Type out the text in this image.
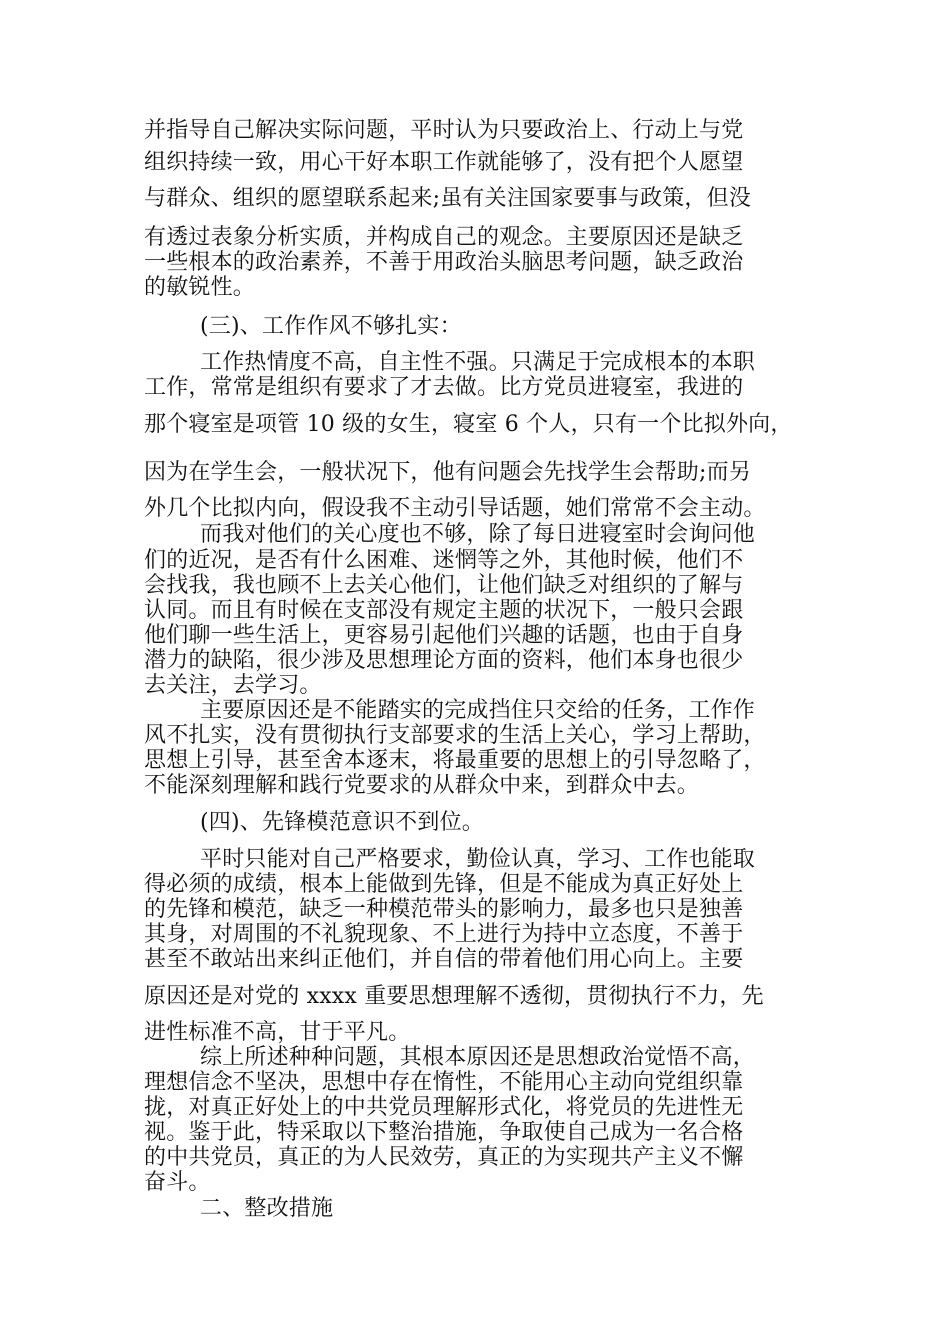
并指导自己解决实际问题，平时认为只要政治上、行动上与党
组织持续一致，用心干好本职工作就能够了，没有把个人愿望
与群众、组织的愿望联系起来;虽有关注国家要事与政策，但没
有透过表象分析实质，并构成自己的观念。主要原因还是缺乏
一些根本的政治素养，不善于用政治头脑思考问题，缺乏政治
的敏锐性。
(三)、工作作风不够扎实：
工作热情度不高，自主性不强。只满足于完成根本的本职
工作，常常是组织有要求了才去做。比方党员进寝室，我进的
那个寝室是项管 10 级的女生，寝室 6 个人，只有一个比拟外向，
因为在学生会，一般状况下，他有问题会先找学生会帮助;而另
外几个比拟内向，假设我不主动引导话题，她们常常不会主动。
而我对他们的关心度也不够，除了每日进寝室时会询问他
们的近况，是否有什么困难、迷惘等之外，其他时候，他们不
会找我，我也顾不上去关心他们，让他们缺乏对组织的了解与
认同。而且有时候在支部没有规定主题的状况下，一般只会跟
他们聊一些生活上，更容易引起他们兴趣的话题，也由于自身
潜力的缺陷，很少涉及思想理论方面的资料，他们本身也很少
去关注，去学习。
主要原因还是不能踏实的完成挡住只交给的任务，工作作
风不扎实，没有贯彻执行支部要求的生活上关心，学习上帮助，
思想上引导，甚至舍本逐末，将最重要的思想上的引导忽略了，
不能深刻理解和践行党要求的从群众中来，到群众中去。
(四)、先锋模范意识不到位。
平时只能对自己严格要求，勤俭认真，学习、工作也能取
得必须的成绩，根本上能做到先锋，但是不能成为真正好处上
的先锋和模范，缺乏一种模范带头的影响力，最多也只是独善
其身，对周围的不礼貌现象、不上进行为持中立态度，不善于
甚至不敢站出来纠正他们，并自信的带着他们用心向上。主要
原因还是对党的 xxxx 重要思想理解不透彻，贯彻执行不力，先
进性标准不高，甘于平凡。
综上所述种种问题，其根本原因还是思想政治觉悟不高，
理想信念不坚决，思想中存在惰性，不能用心主动向党组织靠
拢，对真正好处上的中共党员理解形式化，将党员的先进性无
视。鉴于此，特采取以下整治措施，争取使自己成为一名合格
的中共党员，真正的为人民效劳，真正的为实现共产主义不懈
奋斗。
二、整改措施
